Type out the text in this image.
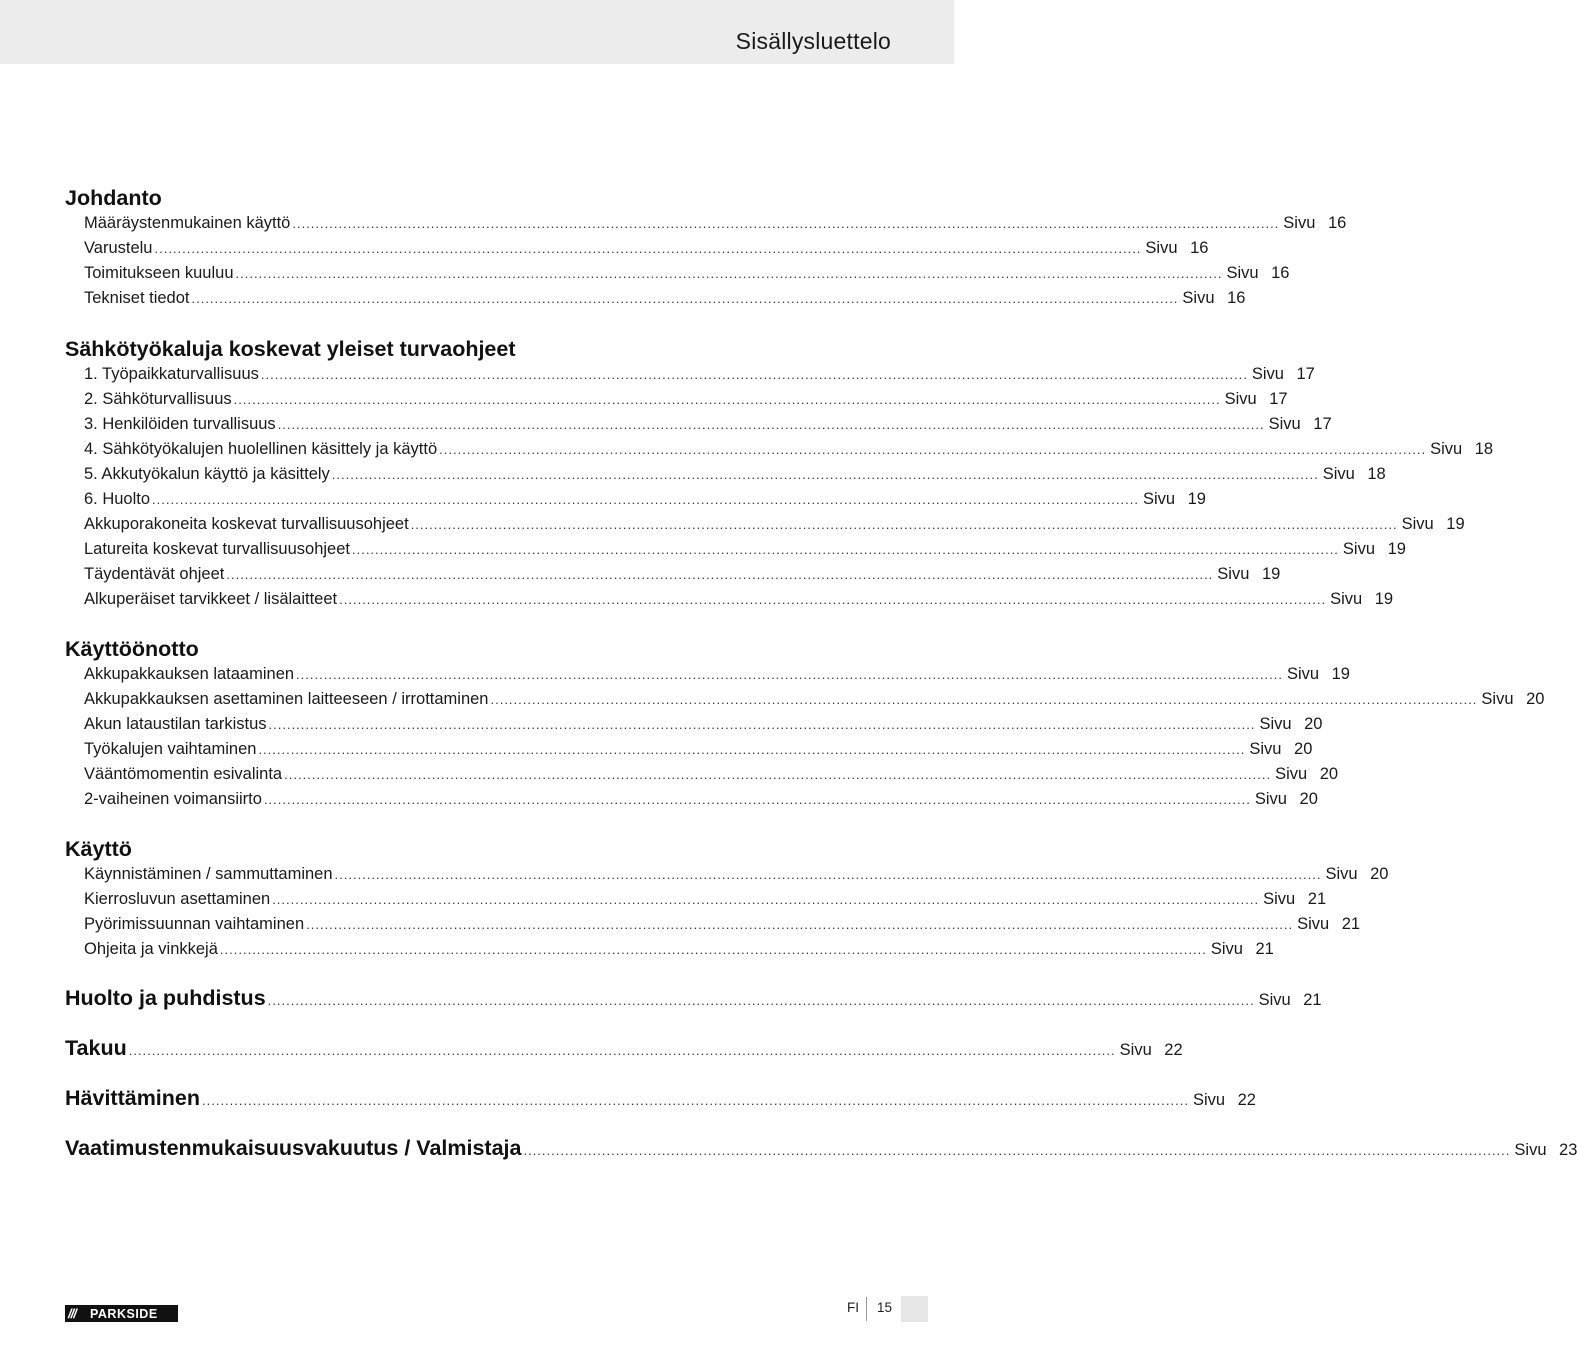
Sisällysluettelo
Johdanto
Määräystenmukainen käyttö ...................................................................................................................................................................................................................... Sivu 16
Varustelu ...................................................................................................................................................................................................................... Sivu 16
Toimitukseen kuuluu ...................................................................................................................................................................................................................... Sivu 16
Tekniset tiedot ...................................................................................................................................................................................................................... Sivu 16
Sähkötyökaluja koskevat yleiset turvaohjeet
1. Työpaikkaturvallisuus ...................................................................................................................................................................................................................... Sivu 17
2. Sähköturvallisuus ...................................................................................................................................................................................................................... Sivu 17
3. Henkilöiden turvallisuus ...................................................................................................................................................................................................................... Sivu 17
4. Sähkötyökalujen huolellinen käsittely ja käyttö ...................................................................................................................................................................................................................... Sivu 18
5. Akkutyökalun käyttö ja käsittely ...................................................................................................................................................................................................................... Sivu 18
6. Huolto ...................................................................................................................................................................................................................... Sivu 19
Akkuporakoneita koskevat turvallisuusohjeet ...................................................................................................................................................................................................................... Sivu 19
Latureita koskevat turvallisuusohjeet ...................................................................................................................................................................................................................... Sivu 19
Täydentävät ohjeet ...................................................................................................................................................................................................................... Sivu 19
Alkuperäiset tarvikkeet / lisälaitteet ...................................................................................................................................................................................................................... Sivu 19
Käyttöönotto
Akkupakkauksen lataaminen ...................................................................................................................................................................................................................... Sivu 19
Akkupakkauksen asettaminen laitteeseen / irrottaminen ...................................................................................................................................................................................................................... Sivu 20
Akun lataustilan tarkistus ...................................................................................................................................................................................................................... Sivu 20
Työkalujen vaihtaminen ...................................................................................................................................................................................................................... Sivu 20
Vääntömomentin esivalinta ...................................................................................................................................................................................................................... Sivu 20
2-vaiheinen voimansiirto ...................................................................................................................................................................................................................... Sivu 20
Käyttö
Käynnistäminen / sammuttaminen ...................................................................................................................................................................................................................... Sivu 20
Kierrosluvun asettaminen ...................................................................................................................................................................................................................... Sivu 21
Pyörimissuunnan vaihtaminen ...................................................................................................................................................................................................................... Sivu 21
Ohjeita ja vinkkejä ...................................................................................................................................................................................................................... Sivu 21
Huolto ja puhdistus ...................................................................................................................................................................................................................... Sivu 21
Takuu ...................................................................................................................................................................................................................... Sivu 22
Hävittäminen ...................................................................................................................................................................................................................... Sivu 22
Vaatimustenmukaisuusvakuutus / Valmistaja ...................................................................................................................................................................................................................... Sivu 23
///	PARKSIDE	FI 15
